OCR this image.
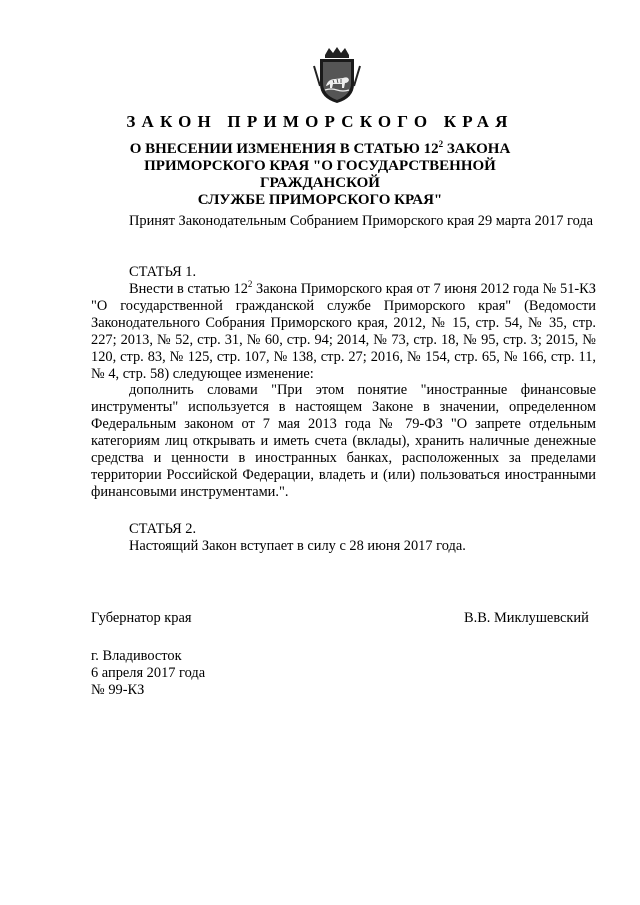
ЗАКОН ПРИМОРСКОГО КРАЯ
О ВНЕСЕНИИ ИЗМЕНЕНИЯ В СТАТЬЮ $12^2$ ЗАКОНА
ПРИМОРСКОГО КРАЯ "О ГОСУДАРСТВЕННОЙ ГРАЖДАНСКОЙ
СЛУЖБЕ ПРИМОРСКОГО КРАЯ"

Принят Законодательным Собранием Приморского края 29 марта 2017 года

СТАТЬЯ 1.

Внести в статью $12^2$ Закона Приморского края от 7 июня 2012 года № 51-КЗ "О государственной гражданской службе Приморского края" (Ведомости Законодательного Собрания Приморского края, 2012, № 15, стр. 54, № 35, стр. 227; 2013, № 52, стр. 31, № 60, стр. 94; 2014, № 73, стр. 18, № 95, стр. 3; 2015, № 120, стр. 83, № 125, стр. 107, № 138, стр. 27; 2016, № 154, стр. 65, № 166, стр. 11, № 4, стр. 58) следующее изменение:

дополнить словами "При этом понятие "иностранные финансовые инструменты" используется в настоящем Законе в значении, определенном Федеральным законом от 7 мая 2013 года № 79-ФЗ "О запрете отдельным категориям лиц открывать и иметь счета (вклады), хранить наличные денежные средства и ценности в иностранных банках, расположенных за пределами территории Российской Федерации, владеть и (или) пользоваться иностранными финансовыми инструментами.".

СТАТЬЯ 2.

Настоящий Закон вступает в силу с 28 июня 2017 года.

Губернатор края	В.В. Миклушевский
г. Владивосток
6 апреля 2017 года
№ 99-КЗ
